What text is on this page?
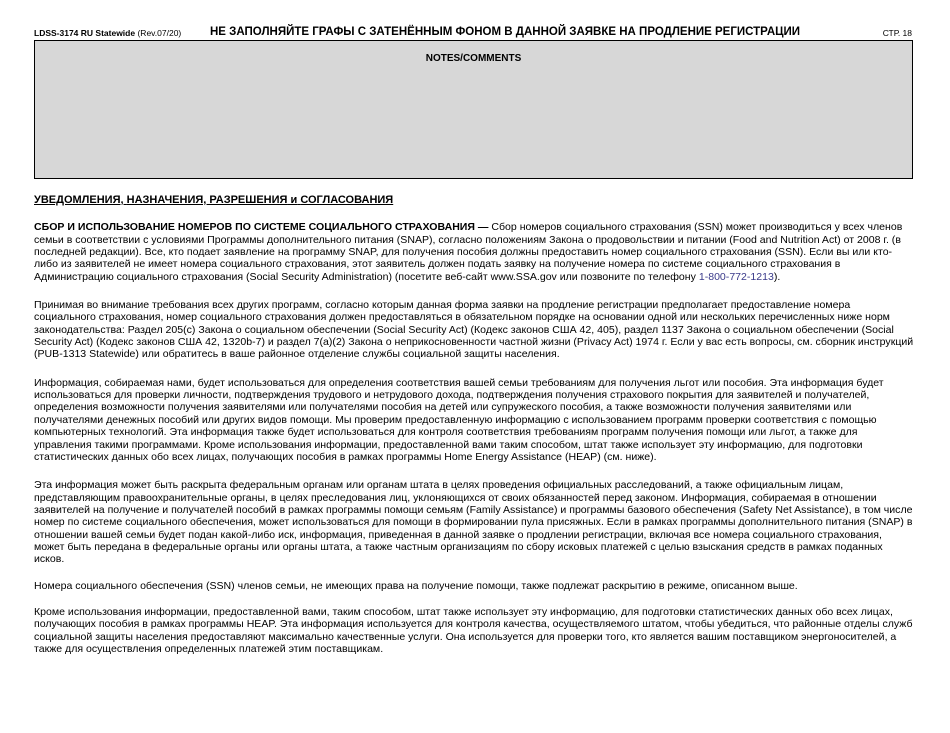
LDSS-3174 RU Statewide (Rev.07/20)	НЕ ЗАПОЛНЯЙТЕ ГРАФЫ С ЗАТЕНЁННЫМ ФОНОМ В ДАННОЙ ЗАЯВКЕ НА ПРОДЛЕНИЕ РЕГИСТРАЦИИ	СТР. 18
NOTES/COMMENTS
УВЕДОМЛЕНИЯ, НАЗНАЧЕНИЯ, РАЗРЕШЕНИЯ и СОГЛАСОВАНИЯ

СБОР И ИСПОЛЬЗОВАНИЕ НОМЕРОВ ПО СИСТЕМЕ СОЦИАЛЬНОГО СТРАХОВАНИЯ — Сбор номеров социального страхования (SSN) может производиться у всех членов семьи в соответствии с условиями Программы дополнительного питания (SNAP), согласно положениям Закона о продовольствии и питании (Food and Nutrition Act) от 2008 г. (в последней редакции). Все, кто подает заявление на программу SNAP, для получения пособия должны предоставить номер социального страхования (SSN). Если вы или кто-либо из заявителей не имеет номера социального страхования, этот заявитель должен подать заявку на получение номера по системе социального страхования в Администрацию социального страхования (Social Security Administration) (посетите веб-сайт www.SSA.gov или позвоните по телефону 1-800-772-1213).

Принимая во внимание требования всех других программ, согласно которым данная форма заявки на продление регистрации предполагает предоставление номера социального страхования, номер социального страхования должен предоставляться в обязательном порядке на основании одной или нескольких перечисленных ниже норм законодательства: Раздел 205(c) Закона о социальном обеспечении (Social Security Act) (Кодекс законов США 42, 405), раздел 1137 Закона о социальном обеспечении (Social Security Act) (Кодекс законов США 42, 1320b-7) и раздел 7(a)(2) Закона о неприкосновенности частной жизни (Privacy Act) 1974 г. Если у вас есть вопросы, см. сборник инструкций (PUB-1313 Statewide) или обратитесь в ваше районное отделение службы социальной защиты населения.

Информация, собираемая нами, будет использоваться для определения соответствия вашей семьи требованиям для получения льгот или пособия. Эта информация будет использоваться для проверки личности, подтверждения трудового и нетрудового дохода, подтверждения получения страхового покрытия для заявителей и получателей, определения возможности получения заявителями или получателями пособия на детей или супружеского пособия, а также возможности получения заявителями или получателями денежных пособий или других видов помощи. Мы проверим предоставленную информацию с использованием программ проверки соответствия с помощью компьютерных технологий. Эта информация также будет использоваться для контроля соответствия требованиям программ получения помощи или льгот, а также для управления такими программами. Кроме использования информации, предоставленной вами таким способом, штат также использует эту информацию, для подготовки статистических данных обо всех лицах, получающих пособия в рамках программы Home Energy Assistance (HEAP) (см. ниже).

Эта информация может быть раскрыта федеральным органам или органам штата в целях проведения официальных расследований, а также официальным лицам, представляющим правоохранительные органы, в целях преследования лиц, уклоняющихся от своих обязанностей перед законом. Информация, собираемая в отношении заявителей на получение и получателей пособий в рамках программы помощи семьям (Family Assistance) и программы базового обеспечения (Safety Net Assistance), в том числе номер по системе социального обеспечения, может использоваться для помощи в формировании пула присяжных. Если в рамках программы дополнительного питания (SNAP) в отношении вашей семьи будет подан какой-либо иск, информация, приведенная в данной заявке о продлении регистрации, включая все номера социального страхования, может быть передана в федеральные органы или органы штата, а также частным организациям по сбору исковых платежей с целью взыскания средств в рамках поданных исков.

Номера социального обеспечения (SSN) членов семьи, не имеющих права на получение помощи, также подлежат раскрытию в режиме, описанном выше.

Кроме использования информации, предоставленной вами, таким способом, штат также использует эту информацию, для подготовки статистических данных обо всех лицах, получающих пособия в рамках программы HEAP. Эта информация используется для контроля качества, осуществляемого штатом, чтобы убедиться, что районные отделы служб социальной защиты населения предоставляют максимально качественные услуги. Она используется для проверки того, кто является вашим поставщиком энергоносителей, а также для осуществления определенных платежей этим поставщикам.
